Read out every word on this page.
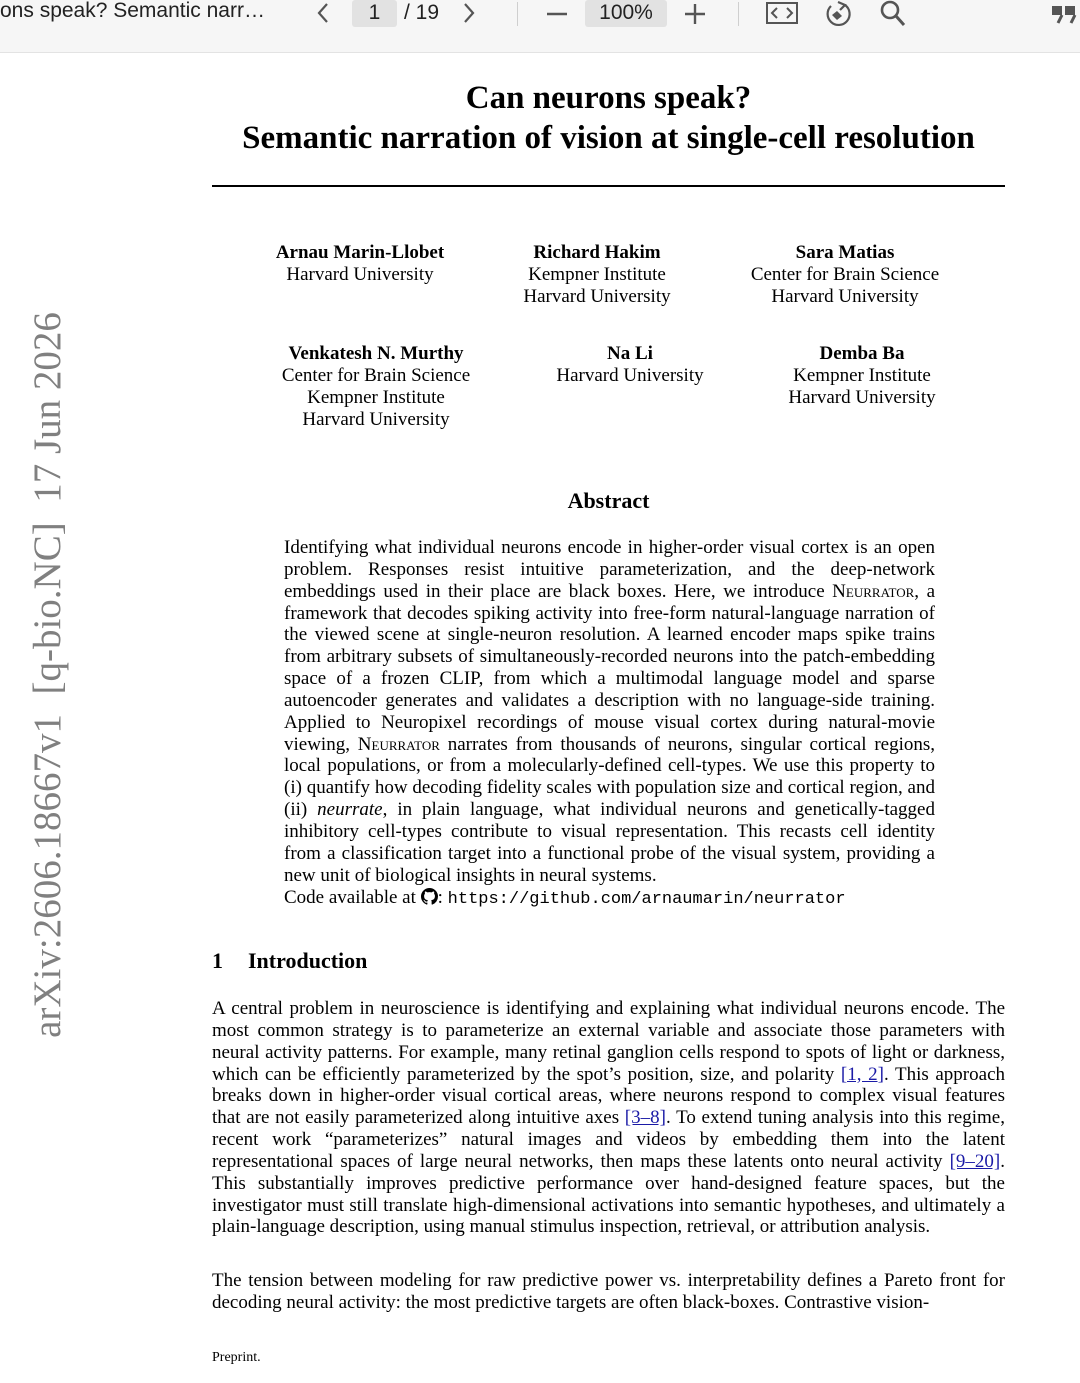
ons speak? Semantic narr…	1	/ 19	100%
arXiv:2606.18667v1  [q-bio.NC]  17 Jun 2026
Can neurons speak?
Semantic narration of vision at single-cell resolution
Arnau Marin-Llobet
Harvard University
Richard Hakim
Kempner Institute
Harvard University
Sara Matias
Center for Brain Science
Harvard University
Venkatesh N. Murthy
Center for Brain Science
Kempner Institute
Harvard University
Na Li
Harvard University
Demba Ba
Kempner Institute
Harvard University
Abstract
Identifying what individual neurons encode in higher-order visual cortex is an open problem. Responses resist intuitive parameterization, and the deep-network embeddings used in their place are black boxes. Here, we introduce Neurrator, a framework that decodes spiking activity into free-form natural-language narration of the viewed scene at single-neuron resolution. A learned encoder maps spike trains from arbitrary subsets of simultaneously-recorded neurons into the patch-embedding space of a frozen CLIP, from which a multimodal language model and sparse autoencoder generates and validates a description with no language-side training. Applied to Neuropixel recordings of mouse visual cortex during natural-movie viewing, Neurrator narrates from thousands of neurons, singular cortical regions, local populations, or from a molecularly-defined cell-types. We use this property to (i) quantify how decoding fidelity scales with population size and cortical region, and (ii) neurrate, in plain language, what individual neurons and genetically-tagged inhibitory cell-types contribute to visual representation. This recasts cell identity from a classification target into a functional probe of the visual system, providing a new unit of biological insights in neural systems.
Code available at : https://github.com/arnaumarin/neurrator
1 Introduction
A central problem in neuroscience is identifying and explaining what individual neurons encode. The most common strategy is to parameterize an external variable and associate those parameters with neural activity patterns. For example, many retinal ganglion cells respond to spots of light or darkness, which can be efficiently parameterized by the spot’s position, size, and polarity [1, 2]. This approach breaks down in higher-order visual cortical areas, where neurons respond to complex visual features that are not easily parameterized along intuitive axes [3–8]. To extend tuning analysis into this regime, recent work “parameterizes” natural images and videos by embedding them into the latent representational spaces of large neural networks, then maps these latents onto neural activity [9–20]. This substantially improves predictive performance over hand-designed feature spaces, but the investigator must still translate high-dimensional activations into semantic hypotheses, and ultimately a plain-language description, using manual stimulus inspection, retrieval, or attribution analysis.
The tension between modeling for raw predictive power vs. interpretability defines a Pareto front for decoding neural activity: the most predictive targets are often black-boxes. Contrastive vision-
Preprint.
